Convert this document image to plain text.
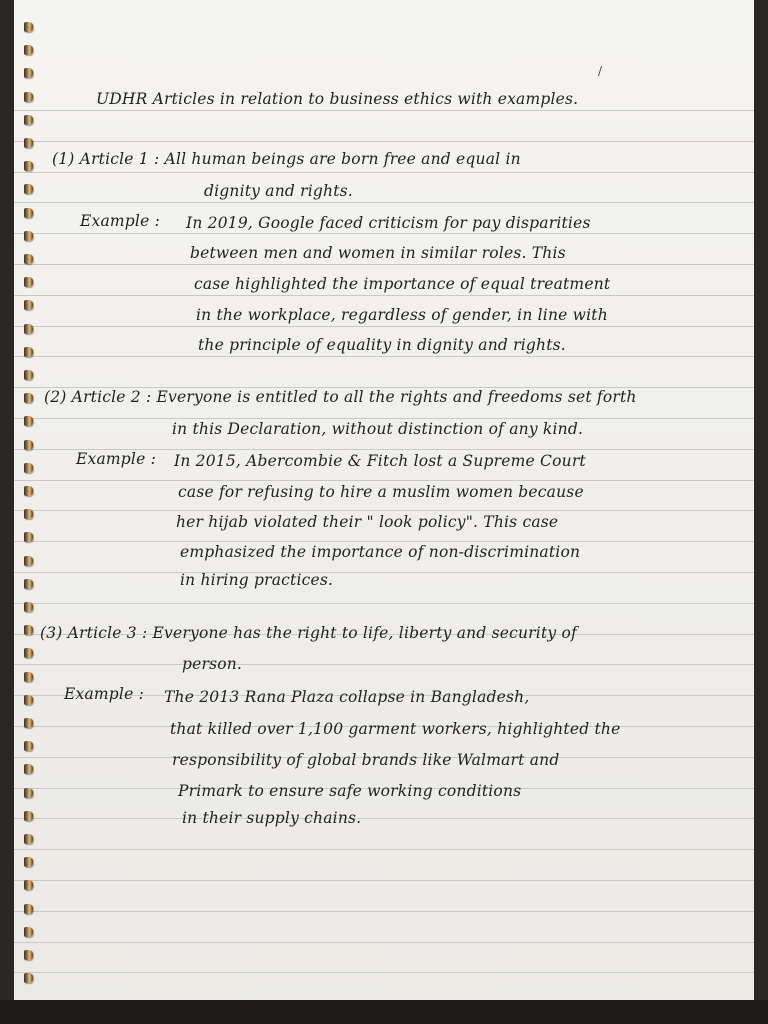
/
UDHR Articles in relation to business ethics with examples.
(1) Article 1 : All human beings are born free and equal in
dignity and rights.
Example : In 2019, Google faced criticism for pay disparities
between men and women in similar roles. This
case highlighted the importance of equal treatment
in the workplace, regardless of gender, in line with
the principle of equality in dignity and rights.
(2) Article 2 : Everyone is entitled to all the rights and freedoms set forth
in this Declaration, without distinction of any kind.
Example : In 2015, Abercombie & Fitch lost a Supreme Court
case for refusing to hire a muslim women because
her hijab violated their " look policy". This case
emphasized the importance of non-discrimination
in hiring practices.
(3) Article 3 : Everyone has the right to life, liberty and security of
person.
Example : The 2013 Rana Plaza collapse in Bangladesh,
that killed over 1,100 garment workers, highlighted the
responsibility of global brands like Walmart and
Primark to ensure safe working conditions
in their supply chains.
